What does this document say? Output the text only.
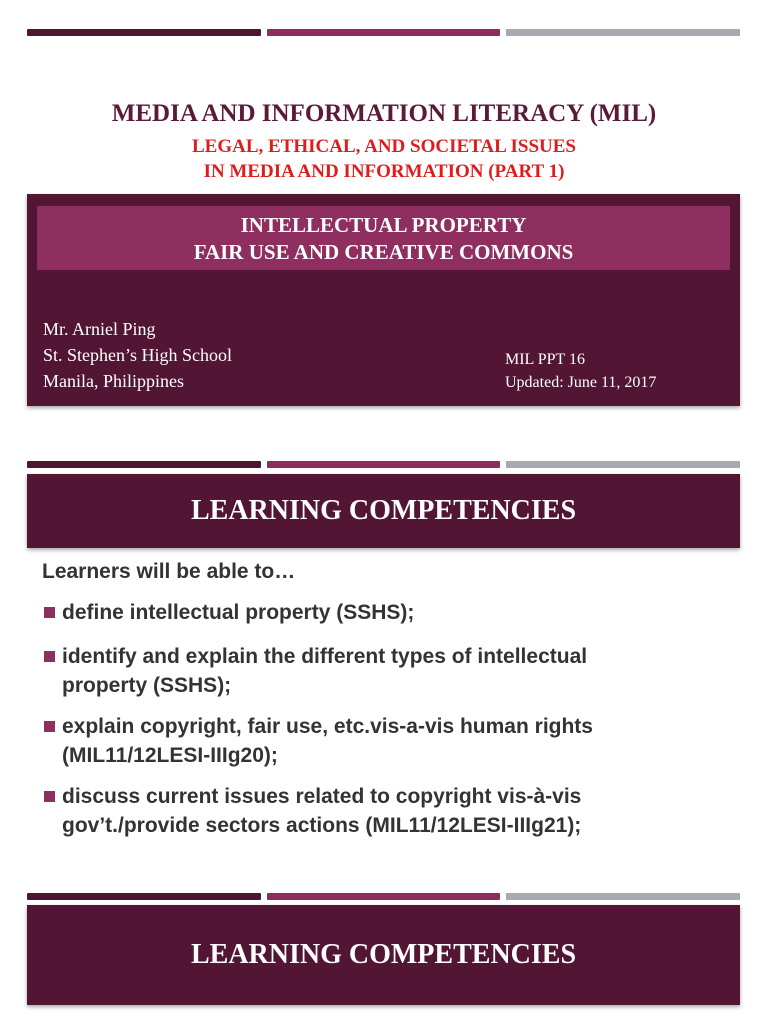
MEDIA AND INFORMATION LITERACY (MIL)
LEGAL, ETHICAL, AND SOCIETAL ISSUES
IN MEDIA AND INFORMATION (PART 1)
INTELLECTUAL PROPERTY
FAIR USE AND CREATIVE COMMONS
Mr. Arniel Ping
St. Stephen’s High School
Manila, Philippines
MIL PPT 16
Updated: June 11, 2017
LEARNING COMPETENCIES
Learners will be able to…
define intellectual property (SSHS);
identify and explain the different types of intellectual
property (SSHS);
explain copyright, fair use, etc.vis-a-vis human rights
(MIL11/12LESI-IIIg20);
discuss current issues related to copyright vis-à-vis
gov’t./provide sectors actions (MIL11/12LESI-IIIg21);
LEARNING COMPETENCIES
